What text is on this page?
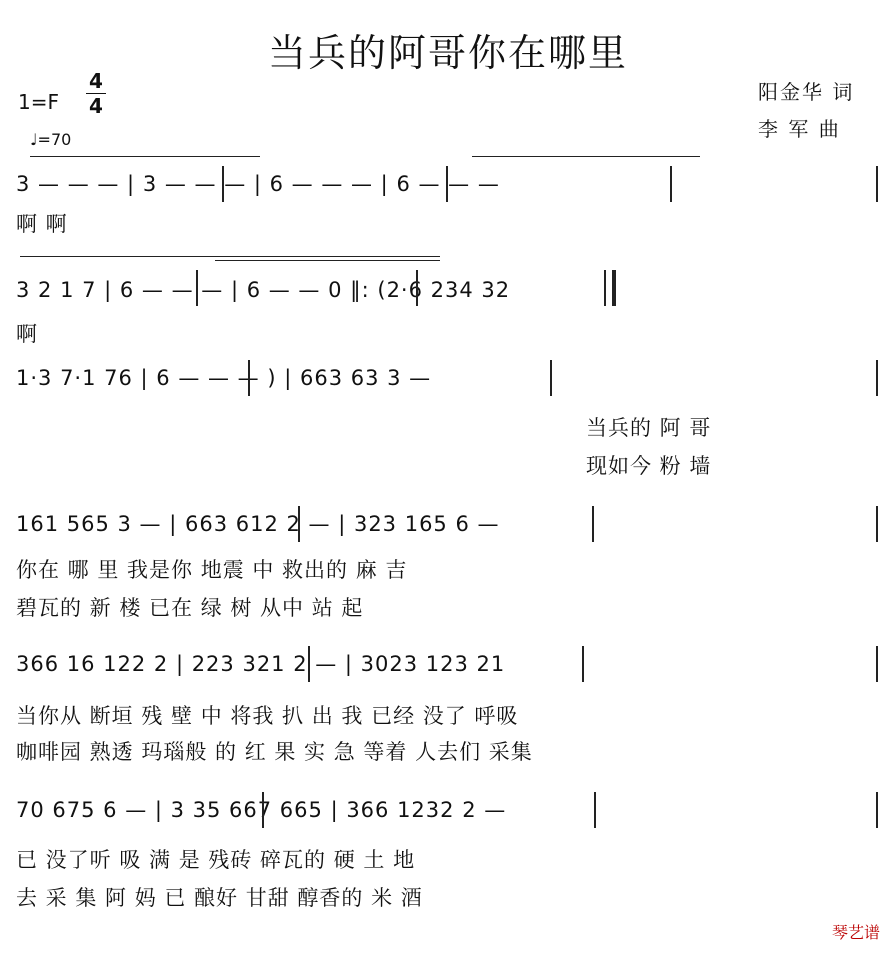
当兵的阿哥你在哪里
1=F
4
4
♩=70
阳金华 词
李 军 曲
3 — — — | 3 — — — | 6 — — — | 6 — — —
啊 啊
3 2 1 7 | 6 — — — | 6 — — 0 ‖: (2·6 234 32
啊
1·3 7·1 76 | 6 — — — ) | 663 63 3 —
当兵的 阿 哥
现如今 粉 墙
161 565 3 — | 663 612 2 — | 323 165 6 —
你在 哪 里 我是你 地震 中 救出的 麻 吉
碧瓦的 新 楼 已在 绿 树 从中 站 起
366 16 122 2 | 223 321 2 — | 3023 123 21
当你从 断垣 残 壁 中 将我 扒 出 我 已经 没了 呼吸
咖啡园 熟透 玛瑙般 的 红 果 实 急 等着 人去们 采集
70 675 6 — | 3 35 667 665 | 366 1232 2 —
已 没了听 吸 满 是 残砖 碎瓦的 硬 土 地
去 采 集 阿 妈 已 酿好 甘甜 醇香的 米 酒
琴艺谱
